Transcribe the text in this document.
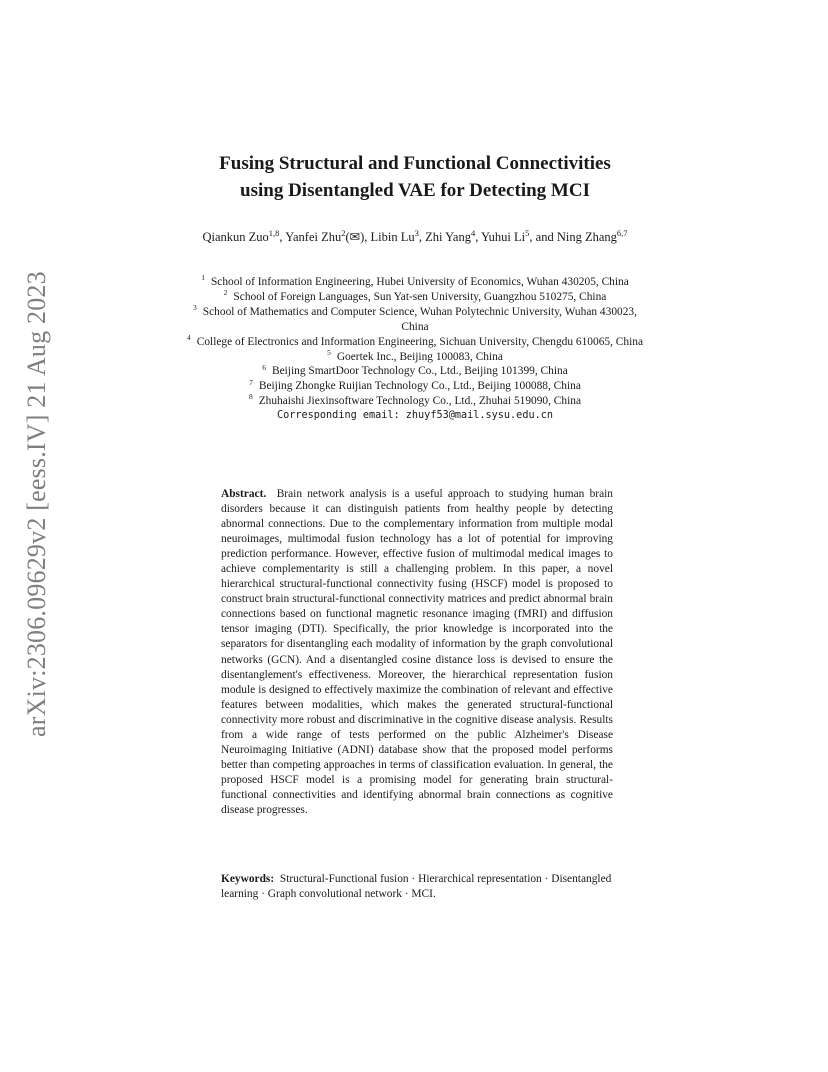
arXiv:2306.09629v2 [eess.IV] 21 Aug 2023
Fusing Structural and Functional Connectivities
using Disentangled VAE for Detecting MCI
Qiankun Zuo$^{1,8}$, Yanfei Zhu$^2$(✉), Libin Lu$^3$, Zhi Yang$^4$, Yuhui Li$^5$, and Ning Zhang$^{6,7}$

$^1$ School of Information Engineering, Hubei University of Economics, Wuhan 430205, China

$^2$ School of Foreign Languages, Sun Yat-sen University, Guangzhou 510275, China

$^3$ School of Mathematics and Computer Science, Wuhan Polytechnic University, Wuhan 430023, China

$^4$ College of Electronics and Information Engineering, Sichuan University, Chengdu 610065, China

$^5$ Goertek Inc., Beijing 100083, China

$^6$ Beijing SmartDoor Technology Co., Ltd., Beijing 101399, China

$^7$ Beijing Zhongke Ruijian Technology Co., Ltd., Beijing 100088, China

$^8$ Zhuhaishi Jiexinsoftware Technology Co., Ltd., Zhuhai 519090, China

Corresponding email: zhuyf53@mail.sysu.edu.cn

Abstract. Brain network analysis is a useful approach to studying human brain disorders because it can distinguish patients from healthy people by detecting abnormal connections. Due to the complementary information from multiple modal neuroimages, multimodal fusion technology has a lot of potential for improving prediction performance. However, effective fusion of multimodal medical images to achieve complementarity is still a challenging problem. In this paper, a novel hierarchical structural-functional connectivity fusing (HSCF) model is proposed to construct brain structural-functional connectivity matrices and predict abnormal brain connections based on functional magnetic resonance imaging (fMRI) and diffusion tensor imaging (DTI). Specifically, the prior knowledge is incorporated into the separators for disentangling each modality of information by the graph convolutional networks (GCN). And a disentangled cosine distance loss is devised to ensure the disentanglement's effectiveness. Moreover, the hierarchical representation fusion module is designed to effectively maximize the combination of relevant and effective features between modalities, which makes the generated structural-functional connectivity more robust and discriminative in the cognitive disease analysis. Results from a wide range of tests performed on the public Alzheimer's Disease Neuroimaging Initiative (ADNI) database show that the proposed model performs better than competing approaches in terms of classification evaluation. In general, the proposed HSCF model is a promising model for generating brain structural-functional connectivities and identifying abnormal brain connections as cognitive disease progresses.
Keywords: Structural-Functional fusion · Hierarchical representation · Disentangled learning · Graph convolutional network · MCI.
